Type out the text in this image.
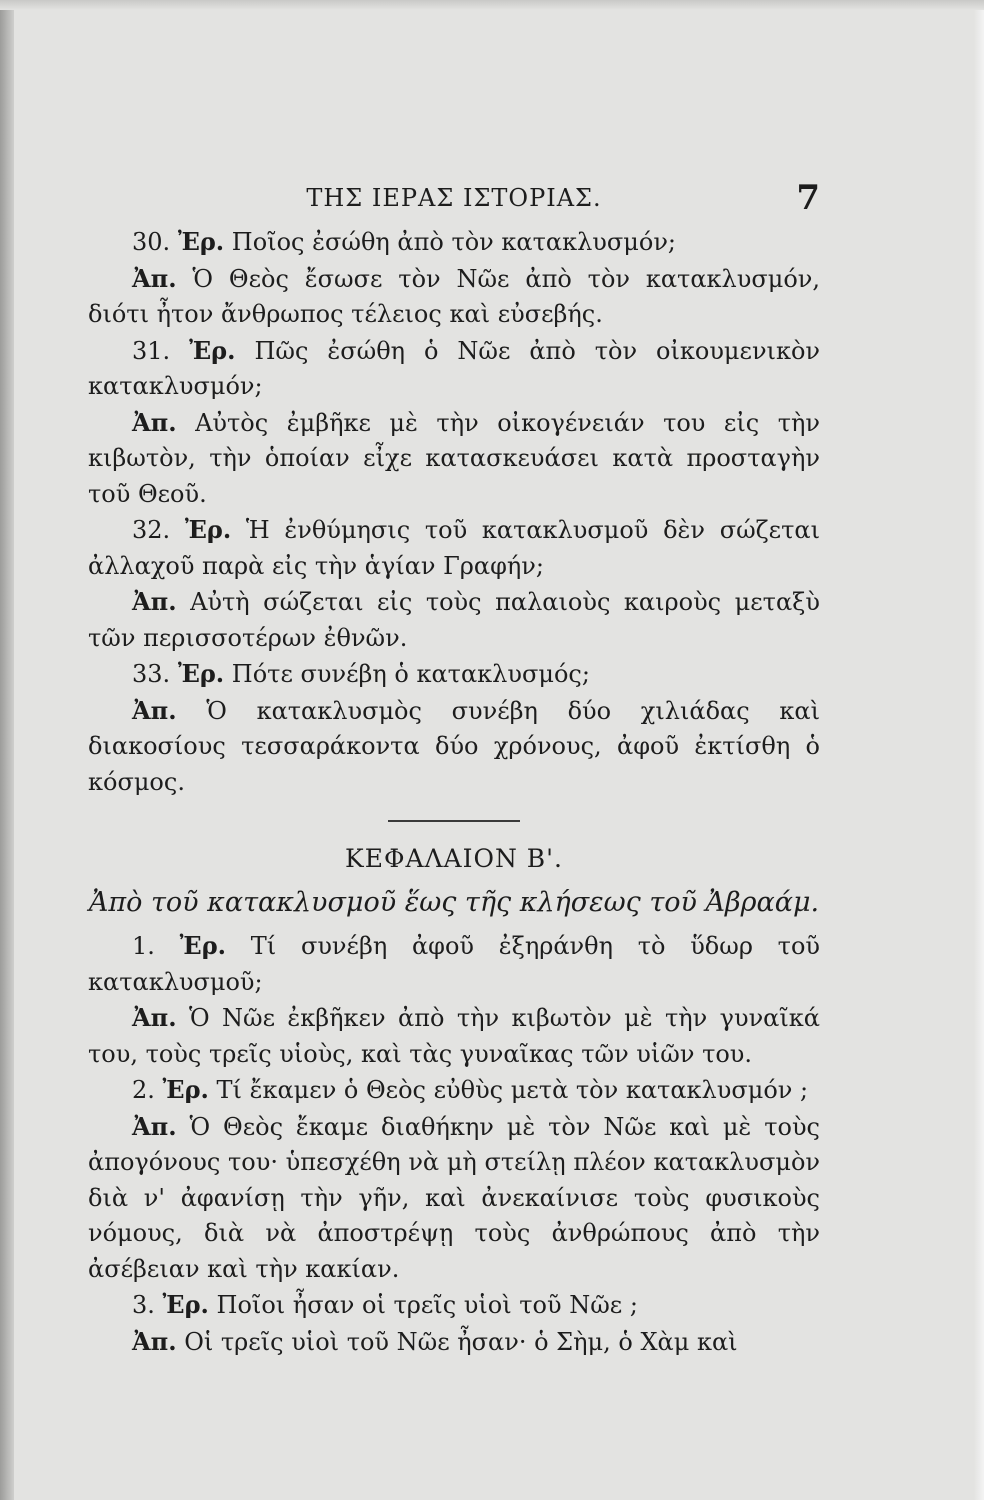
ΤΗΣ ΙΕΡΑΣ ΙΣΤΟΡΙΑΣ.	7

30. Ἐρ. Ποῖος ἐσώθη ἀπὸ τὸν κατακλυσμόν;

Ἀπ. Ὁ Θεὸς ἔσωσε τὸν Νῶε ἀπὸ τὸν κατακλυσμόν, διότι ἦτον ἄνθρωπος τέλειος καὶ εὐσεβής.

31. Ἐρ. Πῶς ἐσώθη ὁ Νῶε ἀπὸ τὸν οἰκουμενικὸν κατακλυσμόν;

Ἀπ. Αὐτὸς ἐμβῆκε μὲ τὴν οἰκογένειάν του εἰς τὴν κιβωτὸν, τὴν ὁποίαν εἶχε κατασκευάσει κατὰ προσταγὴν τοῦ Θεοῦ.

32. Ἐρ. Ἡ ἐνθύμησις τοῦ κατακλυσμοῦ δὲν σώζεται ἀλλαχοῦ παρὰ εἰς τὴν ἁγίαν Γραφήν;

Ἀπ. Αὐτὴ σώζεται εἰς τοὺς παλαιοὺς καιροὺς μεταξὺ τῶν περισσοτέρων ἐθνῶν.

33. Ἐρ. Πότε συνέβη ὁ κατακλυσμός;

Ἀπ. Ὁ κατακλυσμὸς συνέβη δύο χιλιάδας καὶ διακοσίους τεσσαράκοντα δύο χρόνους, ἀφοῦ ἐκτίσθη ὁ κόσμος.

ΚΕΦΑΛΑΙΟΝ Β'.
Ἀπὸ τοῦ κατακλυσμοῦ ἕως τῆς κλήσεως τοῦ Ἀβραάμ.

1. Ἐρ. Τί συνέβη ἀφοῦ ἐξηράνθη τὸ ὕδωρ τοῦ κατακλυσμοῦ;

Ἀπ. Ὁ Νῶε ἐκβῆκεν ἀπὸ τὴν κιβωτὸν μὲ τὴν γυναῖκά του, τοὺς τρεῖς υἱοὺς, καὶ τὰς γυναῖκας τῶν υἱῶν του.

2. Ἐρ. Τί ἔκαμεν ὁ Θεὸς εὐθὺς μετὰ τὸν κατακλυσμόν ;

Ἀπ. Ὁ Θεὸς ἔκαμε διαθήκην μὲ τὸν Νῶε καὶ μὲ τοὺς ἀπογόνους του· ὑπεσχέθη νὰ μὴ στείλῃ πλέον κατακλυσμὸν διὰ ν' ἀφανίσῃ τὴν γῆν, καὶ ἀνεκαίνισε τοὺς φυσικοὺς νόμους, διὰ νὰ ἀποστρέψῃ τοὺς ἀνθρώπους ἀπὸ τὴν ἀσέβειαν καὶ τὴν κακίαν.

3. Ἐρ. Ποῖοι ἦσαν οἱ τρεῖς υἱοὶ τοῦ Νῶε ;

Ἀπ. Οἱ τρεῖς υἱοὶ τοῦ Νῶε ἦσαν· ὁ Σὴμ, ὁ Χὰμ καὶ
